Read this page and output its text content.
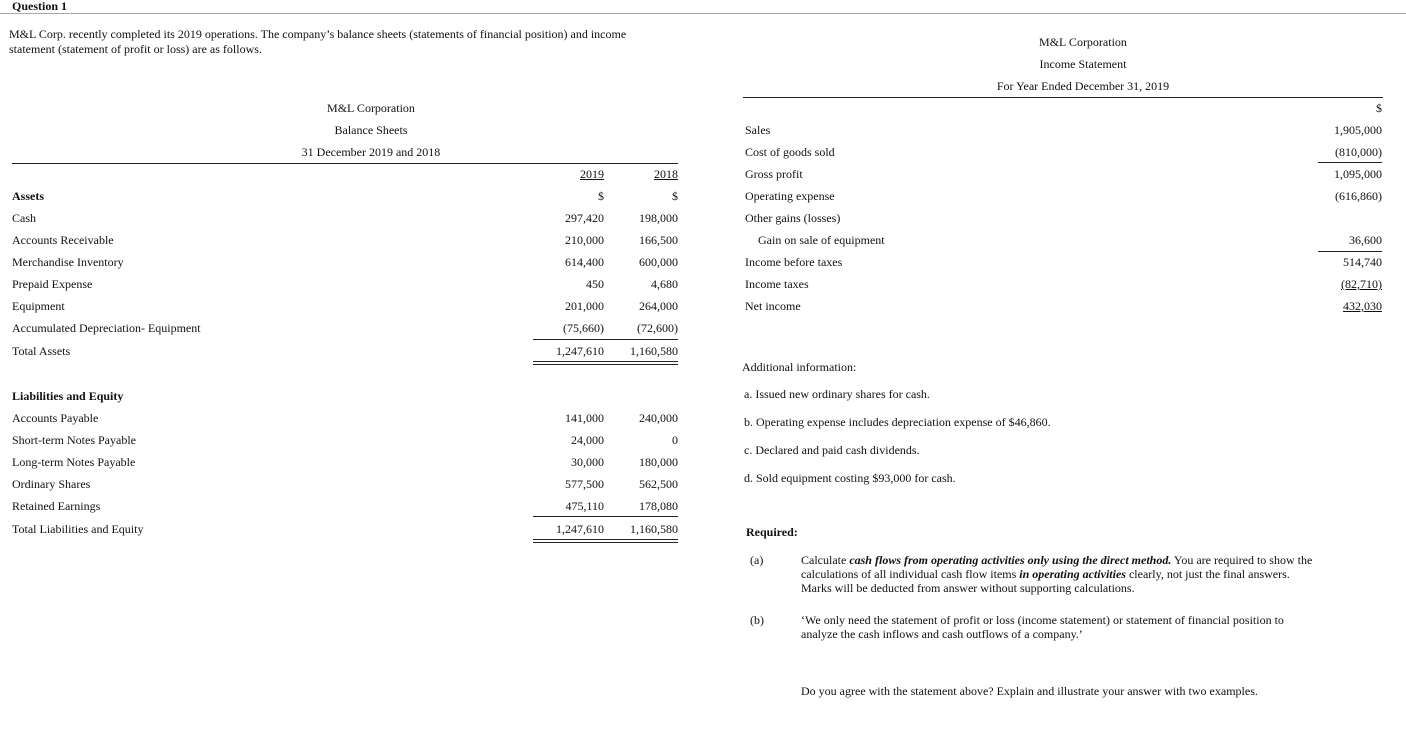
Question 1
M&L Corp. recently completed its 2019 operations. The company’s balance sheets (statements of financial position) and income
statement (statement of profit or loss) are as follows.
M&L Corporation
Balance Sheets
31 December 2019 and 2018
2019	2018
$	$
Assets
Cash	297,420	198,000
Accounts Receivable	210,000	166,500
Merchandise Inventory	614,400	600,000
Prepaid Expense	450	4,680
Equipment	201,000	264,000
Accumulated Depreciation- Equipment	(75,660)	(72,600)
Total Assets	1,247,610	1,160,580
Liabilities and Equity
Accounts Payable	141,000	240,000
Short-term Notes Payable	24,000	0
Long-term Notes Payable	30,000	180,000
Ordinary Shares	577,500	562,500
Retained Earnings	475,110	178,080
Total Liabilities and Equity	1,247,610	1,160,580
M&L Corporation
Income Statement
For Year Ended December 31, 2019
$
Sales	1,905,000
Cost of goods sold	(810,000)
Gross profit	1,095,000
Operating expense	(616,860)
Other gains (losses)
Gain on sale of equipment	36,600
Income before taxes	514,740
Income taxes	(82,710)
Net income	432,030
Additional information:
a. Issued new ordinary shares for cash.
b. Operating expense includes depreciation expense of $46,860.
c. Declared and paid cash dividends.
d. Sold equipment costing $93,000 for cash.
Required:
(a)	Calculate cash flows from operating activities only using the direct method. You are required to show the calculations of all individual cash flow items in operating activities clearly, not just the final answers. Marks will be deducted from answer without supporting calculations.
(b)	‘We only need the statement of profit or loss (income statement) or statement of financial position to analyze the cash inflows and cash outflows of a company.’
Do you agree with the statement above? Explain and illustrate your answer with two examples.
